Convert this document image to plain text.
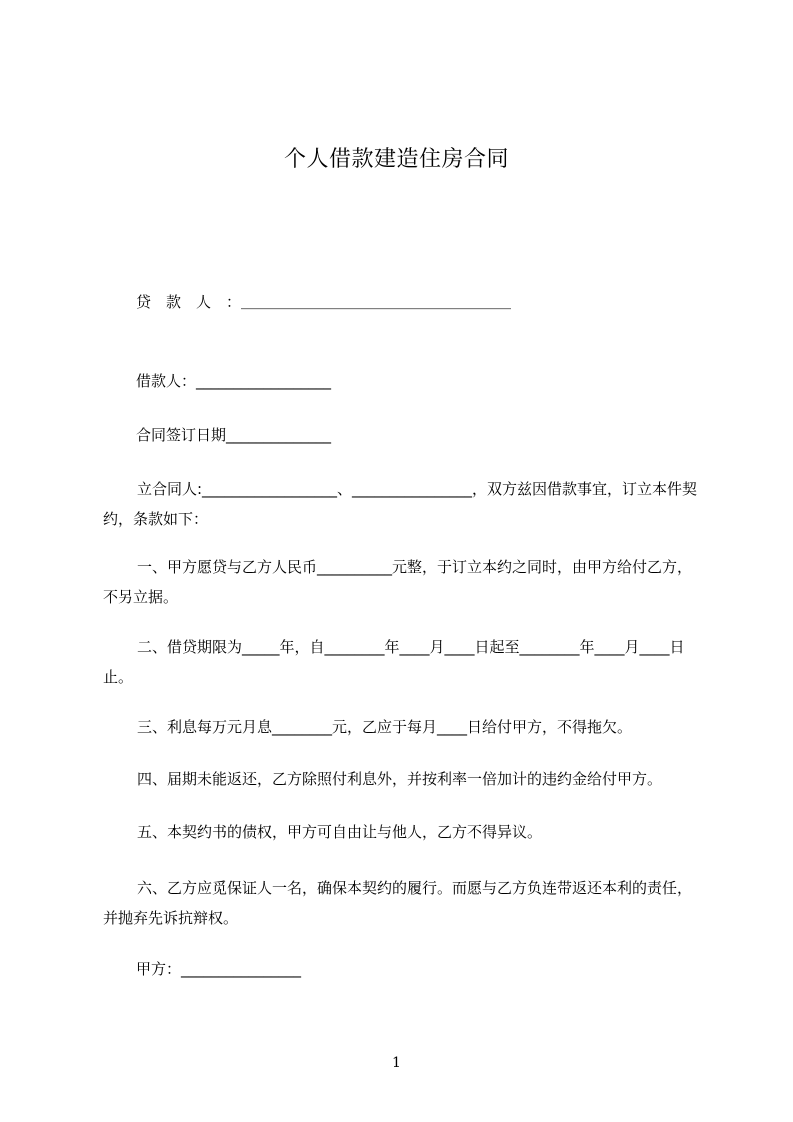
个人借款建造住房合同
贷　款　人　：＿＿＿＿＿＿＿＿＿＿＿＿＿＿＿＿＿＿
借款人：__________________
合同签订日期______________
立合同人:__________________、________________，双方兹因借款事宜，订立本件契约，条款如下：
一、甲方愿贷与乙方人民币__________元整，于订立本约之同时，由甲方给付乙方，不另立据。
二、借贷期限为_____年，自________年____月____日起至________年____月____日止。
三、利息每万元月息________元，乙应于每月____日给付甲方，不得拖欠。
四、届期未能返还，乙方除照付利息外，并按利率一倍加计的违约金给付甲方。
五、本契约书的债权，甲方可自由让与他人，乙方不得异议。
六、乙方应觅保证人一名，确保本契约的履行。而愿与乙方负连带返还本利的责任，并抛弃先诉抗辩权。
甲方：________________
1
